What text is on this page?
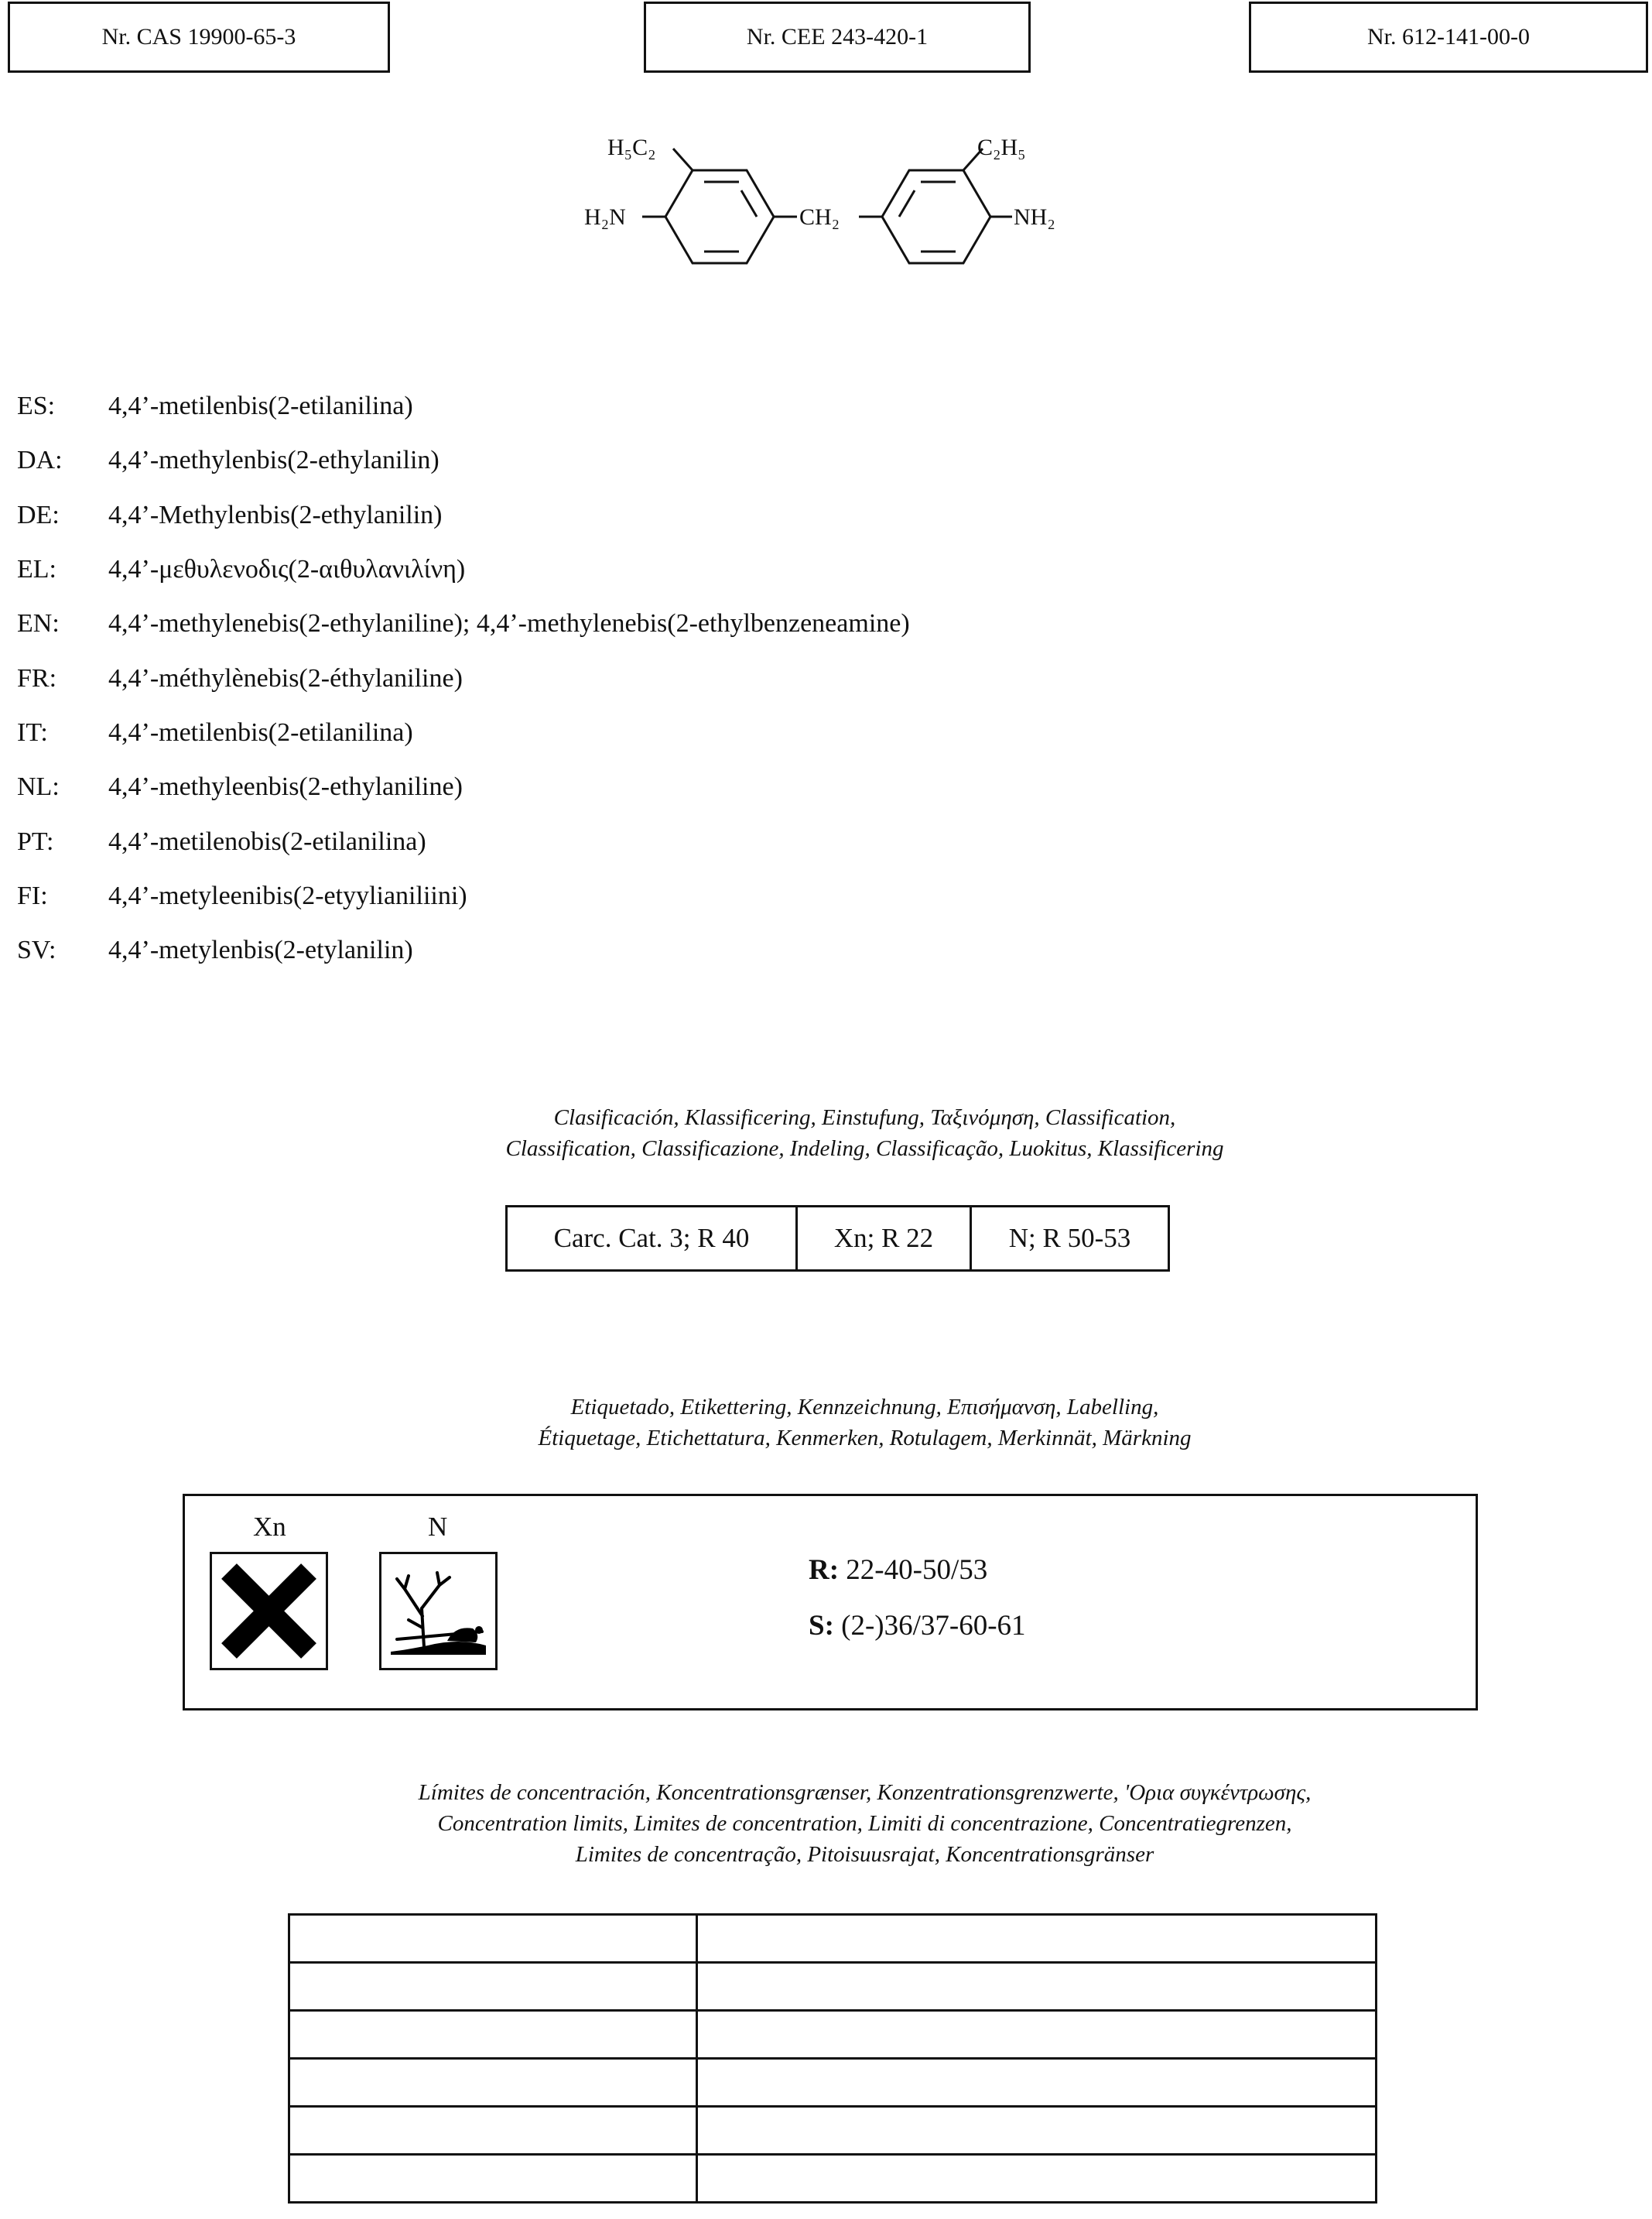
Nr. CAS 19900-65-3	Nr. CEE 243-420-1	Nr. 612-141-00-0
H₅C₂	C₂H₅
H₂N	CH₂	NH₂
ES:	4,4’-metilenbis(2-etilanilina)
DA:	4,4’-methylenbis(2-ethylanilin)
DE:	4,4’-Methylenbis(2-ethylanilin)
EL:	4,4’-μεθυλενοδις(2-αιθυλανιλίνη)
EN:	4,4’-methylenebis(2-ethylaniline); 4,4’-methylenebis(2-ethylbenzeneamine)
FR:	4,4’-méthylènebis(2-éthylaniline)
IT:	4,4’-metilenbis(2-etilanilina)
NL:	4,4’-methyleenbis(2-ethylaniline)
PT:	4,4’-metilenobis(2-etilanilina)
FI:	4,4’-metyleenibis(2-etyylianiliini)
SV:	4,4’-metylenbis(2-etylanilin)
Clasificación, Klassificering, Einstufung, Ταξινόμηση, Classification,
Classification, Classificazione, Indeling, Classificação, Luokitus, Klassificering
Carc. Cat. 3; R 40	Xn; R 22	N; R 50-53
Etiquetado, Etikettering, Kennzeichnung, Επισήμανση, Labelling,
Étiquetage, Etichettatura, Kenmerken, Rotulagem, Merkinnät, Märkning
Xn	N
R: 22-40-50/53
S: (2-)36/37-60-61
Límites de concentración, Koncentrationsgrænser, Konzentrationsgrenzwerte, 'Ορια συγκέντρωσης,
Concentration limits, Limites de concentration, Limiti di concentrazione, Concentratiegrenzen,
Limites de concentração, Pitoisuusrajat, Koncentrationsgränser
